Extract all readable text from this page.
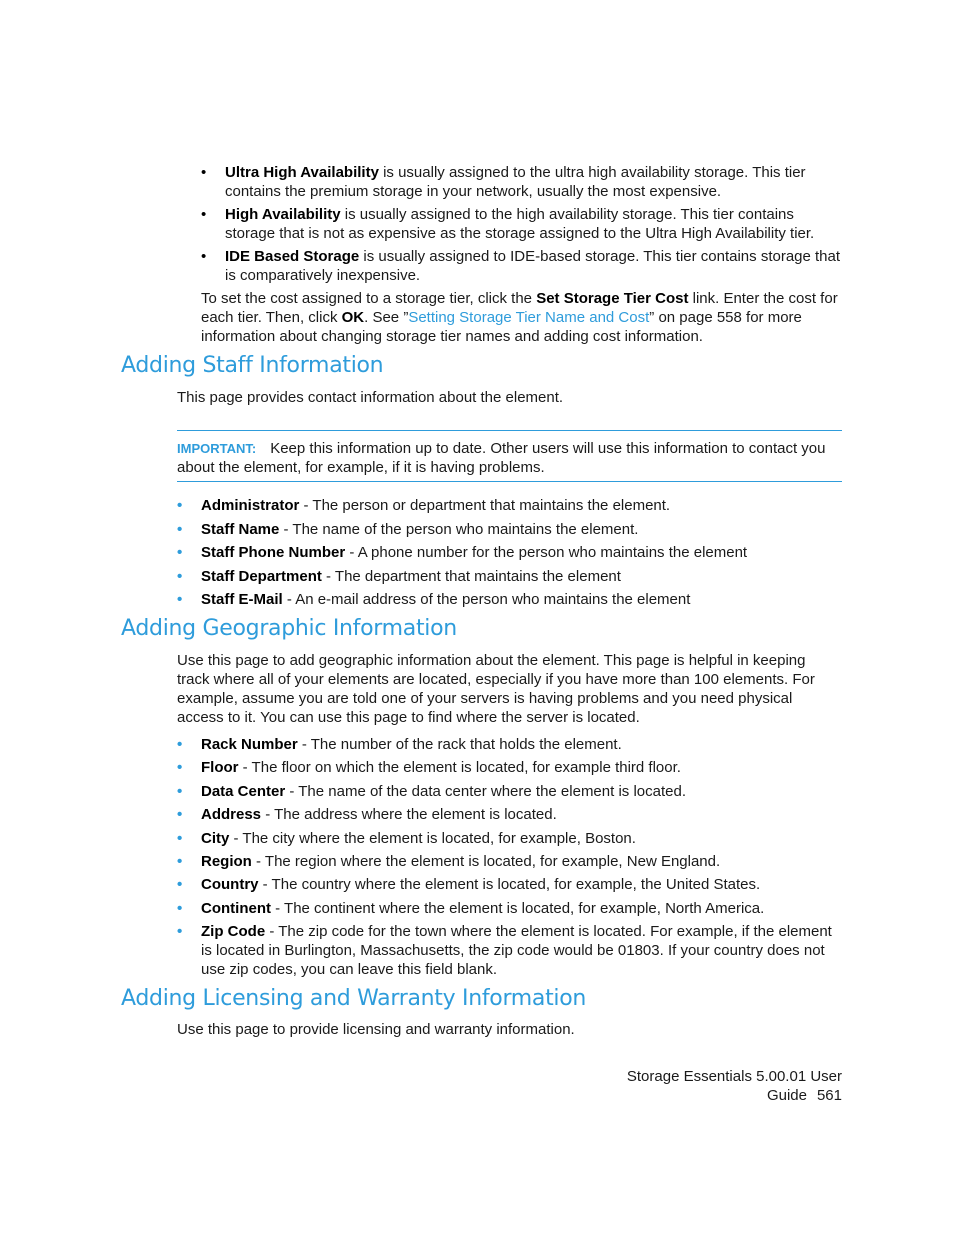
• Ultra High Availability is usually assigned to the ultra high availability storage. This tier contains the premium storage in your network, usually the most expensive.
• High Availability is usually assigned to the high availability storage. This tier contains storage that is not as expensive as the storage assigned to the Ultra High Availability tier.
• IDE Based Storage is usually assigned to IDE-based storage. This tier contains storage that is comparatively inexpensive.

To set the cost assigned to a storage tier, click the Set Storage Tier Cost link. Enter the cost for each tier. Then, click OK. See ”Setting Storage Tier Name and Cost” on page 558 for more information about changing storage tier names and adding cost information.

Adding Staff Information

This page provides contact information about the element.

IMPORTANT: Keep this information up to date. Other users will use this information to contact you about the element, for example, if it is having problems.

• Administrator - The person or department that maintains the element.
• Staff Name - The name of the person who maintains the element.
• Staff Phone Number - A phone number for the person who maintains the element
• Staff Department - The department that maintains the element
• Staff E-Mail - An e-mail address of the person who maintains the element
Adding Geographic Information

Use this page to add geographic information about the element. This page is helpful in keeping track where all of your elements are located, especially if you have more than 100 elements. For example, assume you are told one of your servers is having problems and you need physical access to it. You can use this page to find where the server is located.

• Rack Number - The number of the rack that holds the element.
• Floor - The floor on which the element is located, for example third floor.
• Data Center - The name of the data center where the element is located.
• Address - The address where the element is located.
• City - The city where the element is located, for example, Boston.
• Region - The region where the element is located, for example, New England.
• Country - The country where the element is located, for example, the United States.
• Continent - The continent where the element is located, for example, North America.
• Zip Code - The zip code for the town where the element is located. For example, if the element is located in Burlington, Massachusetts, the zip code would be 01803. If your country does not use zip codes, you can leave this field blank.
Adding Licensing and Warranty Information

Use this page to provide licensing and warranty information.

Storage Essentials 5.00.01 User Guide 561
